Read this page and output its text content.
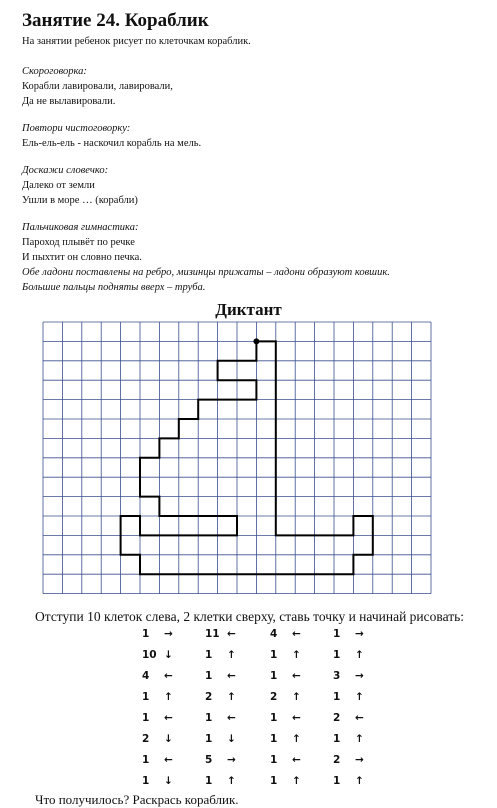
Занятие 24. Кораблик
На занятии ребенок рисует по клеточкам кораблик.
Скороговорка:
Корабли лавировали, лавировали,
Да не вылавировали.
Повтори чистоговорку:
Ель-ель-ель - наскочил корабль на мель.
Доскажи словечко:
Далеко от земли
Ушли в море … (корабли)
Пальчиковая гимнастика:
Пароход плывёт по речке
И пыхтит он словно печка.
Обе ладони поставлены на ребро, мизинцы прижаты – ладони образуют ковшик.
Большие пальцы подняты вверх – труба.
Диктант
Отступи 10 клеток слева, 2 клетки сверху, ставь точку и начинай рисовать:
1 →
10 ↓
4 ←
1 ↑
1 ←
2 ↓
1 ←
1 ↓
11 ←
1 ↑
1 ←
2 ↑
1 ←
1 ↓
5 →
1 ↑
4 ←
1 ↑
1 ←
2 ↑
1 ←
1 ↑
1 ←
1 ↑
1 →
1 ↑
3 →
1 ↑
2 ←
1 ↑
2 →
1 ↑
Что получилось? Раскрась кораблик.
